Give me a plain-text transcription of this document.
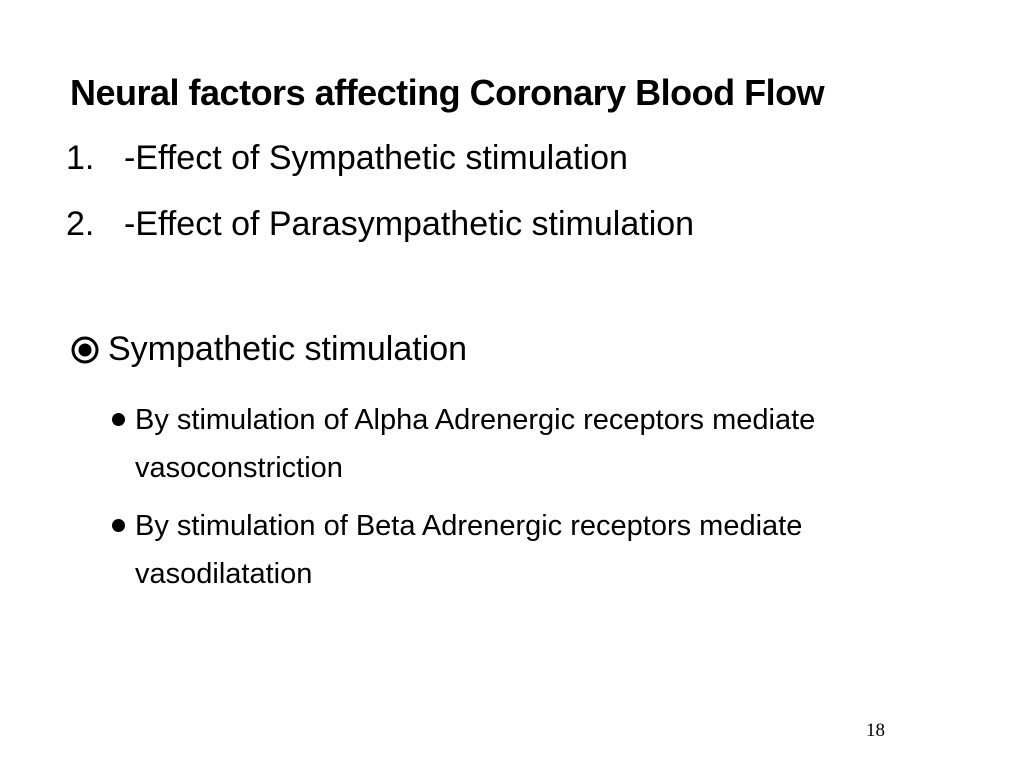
Neural factors affecting Coronary Blood Flow
1. -Effect of Sympathetic stimulation
2. -Effect of Parasympathetic stimulation
Sympathetic stimulation
By stimulation of Alpha Adrenergic receptors mediate vasoconstriction
By stimulation of Beta Adrenergic receptors mediate vasodilatation
18
